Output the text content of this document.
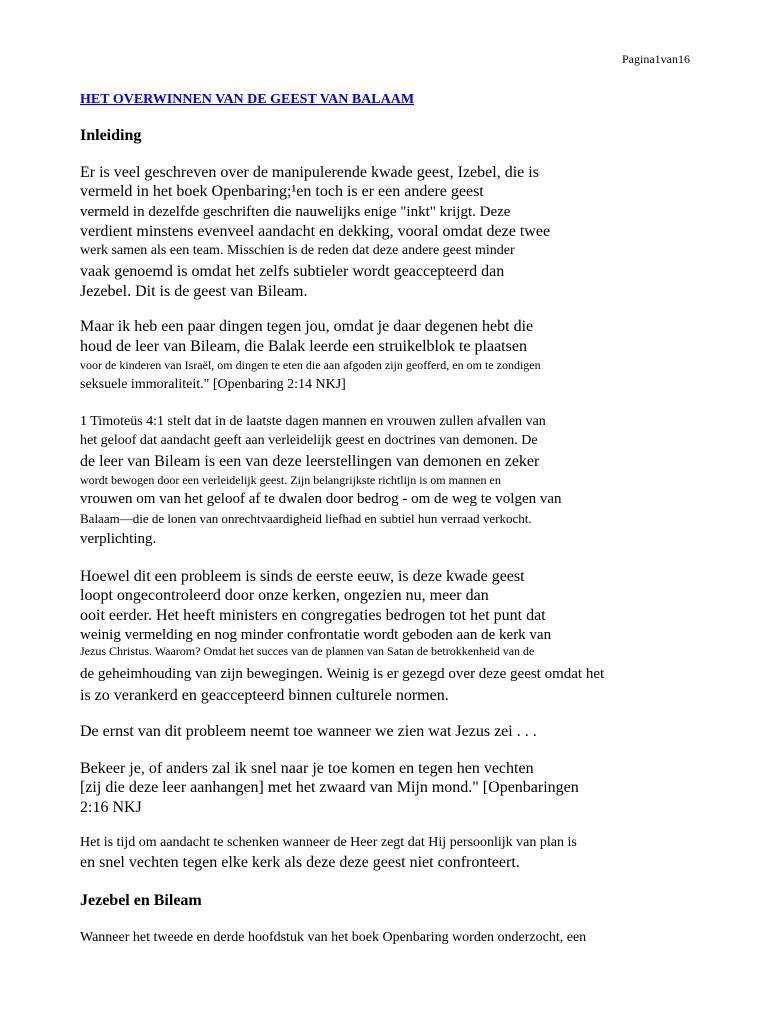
Pagina1van16
HET OVERWINNEN VAN DE GEEST VAN BALAAM
Inleiding
Er is veel geschreven over de manipulerende kwade geest, Izebel, die is
vermeld in het boek Openbaring;¹en toch is er een andere geest
vermeld in dezelfde geschriften die nauwelijks enige "inkt" krijgt. Deze
verdient minstens evenveel aandacht en dekking, vooral omdat deze twee
werk samen als een team. Misschien is de reden dat deze andere geest minder
vaak genoemd is omdat het zelfs subtieler wordt geaccepteerd dan
Jezebel. Dit is de geest van Bileam.
Maar ik heb een paar dingen tegen jou, omdat je daar degenen hebt die
houd de leer van Bileam, die Balak leerde een struikelblok te plaatsen
voor de kinderen van Israël, om dingen te eten die aan afgoden zijn geofferd, en om te zondigen
seksuele immoraliteit." [Openbaring 2:14 NKJ]
1 Timoteüs 4:1 stelt dat in de laatste dagen mannen en vrouwen zullen afvallen van
het geloof dat aandacht geeft aan verleidelijk geest en doctrines van demonen. De
de leer van Bileam is een van deze leerstellingen van demonen en zeker
wordt bewogen door een verleidelijk geest. Zijn belangrijkste richtlijn is om mannen en
vrouwen om van het geloof af te dwalen door bedrog - om de weg te volgen van
Balaam—die de lonen van onrechtvaardigheid liefhad en subtiel hun verraad verkocht.
verplichting.
Hoewel dit een probleem is sinds de eerste eeuw, is deze kwade geest
loopt ongecontroleerd door onze kerken, ongezien nu, meer dan
ooit eerder. Het heeft ministers en congregaties bedrogen tot het punt dat
weinig vermelding en nog minder confrontatie wordt geboden aan de kerk van
Jezus Christus. Waarom? Omdat het succes van de plannen van Satan de betrokkenheid van de
de geheimhouding van zijn bewegingen. Weinig is er gezegd over deze geest omdat het
is zo verankerd en geaccepteerd binnen culturele normen.
De ernst van dit probleem neemt toe wanneer we zien wat Jezus zei . . .
Bekeer je, of anders zal ik snel naar je toe komen en tegen hen vechten
[zij die deze leer aanhangen] met het zwaard van Mijn mond." [Openbaringen
2:16 NKJ
Het is tijd om aandacht te schenken wanneer de Heer zegt dat Hij persoonlijk van plan is
en snel vechten tegen elke kerk als deze deze geest niet confronteert.
Jezebel en Bileam
Wanneer het tweede en derde hoofdstuk van het boek Openbaring worden onderzocht, een
